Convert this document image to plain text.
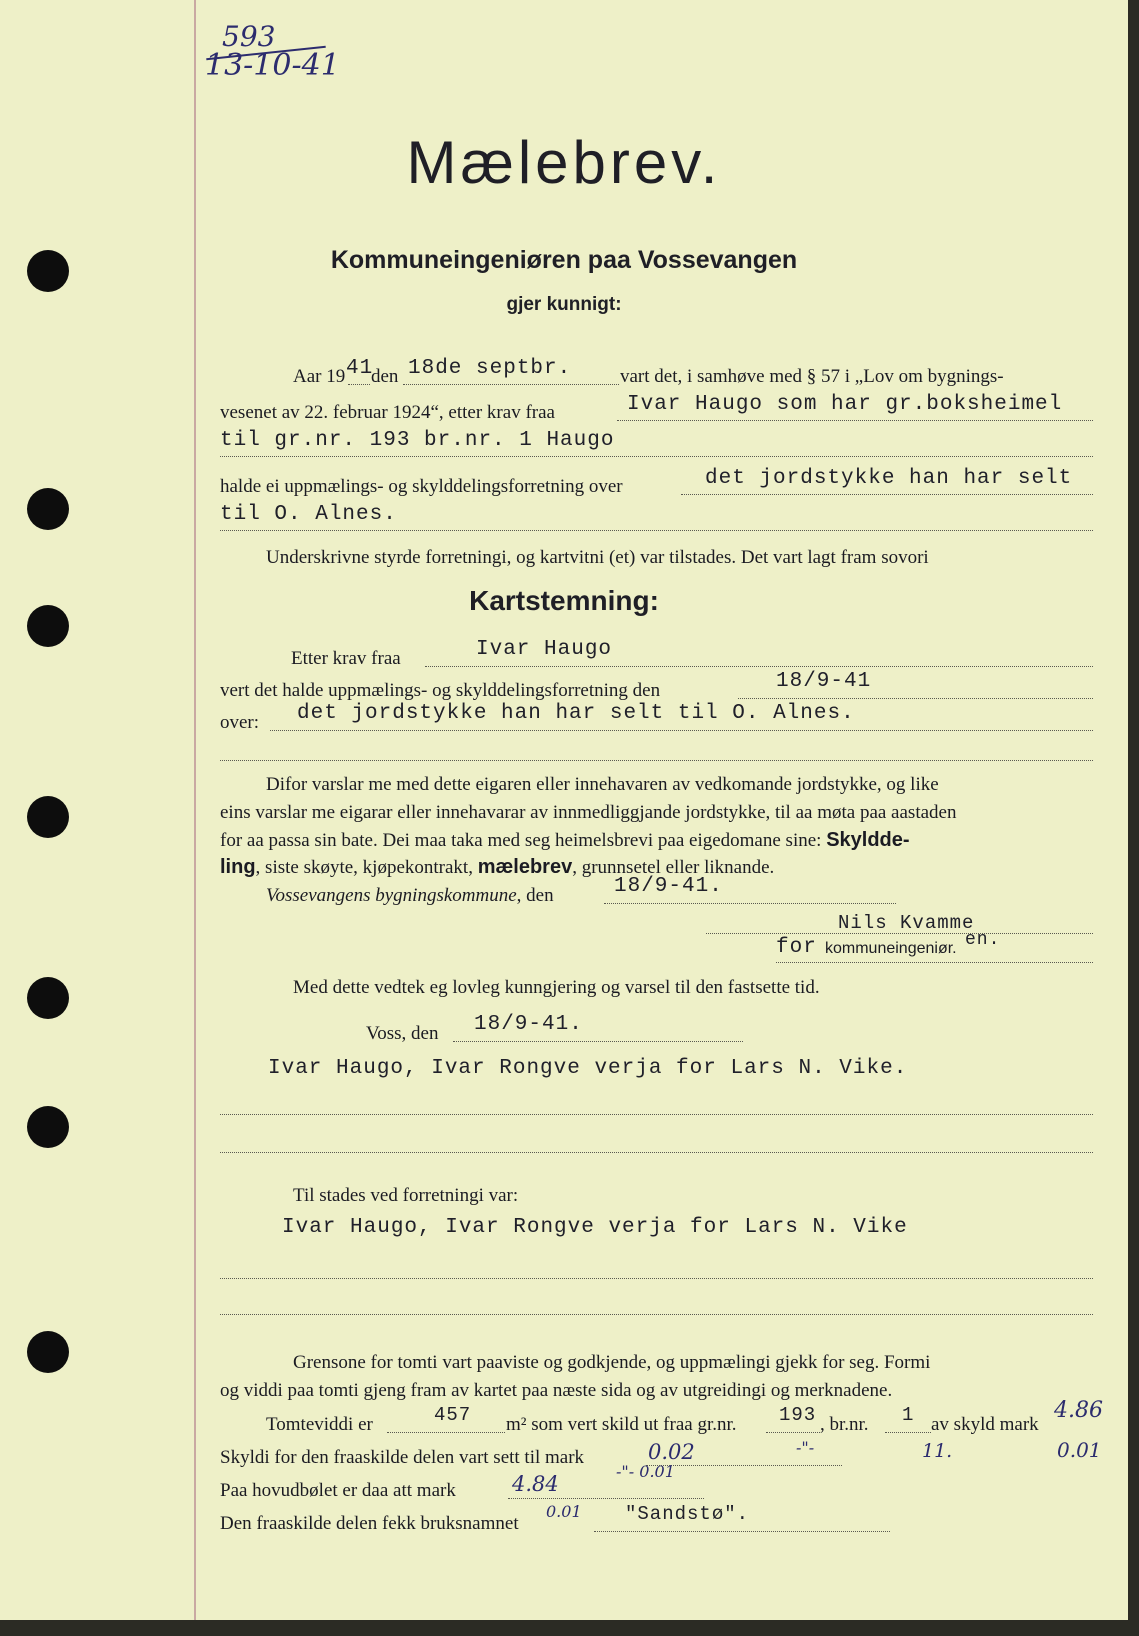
593
13-10-41
Mælebrev.
Kommuneingeniøren paa Vossevangen
gjer kunnigt:
Aar 19 41
den 18de septbr.	vart det, i samhøve med § 57 i „Lov om bygnings-
vesenet av 22. februar 1924“, etter krav fraa	Ivar Haugo som har gr.boksheimel
til gr.nr. 193 br.nr. 1 Haugo
halde ei uppmælings- og skylddelingsforretning over	det jordstykke han har selt
til O. Alnes.
Underskrivne styrde forretningi, og kartvitni (et) var tilstades. Det vart lagt fram sovori
Kartstemning:
Etter krav fraa	Ivar Haugo
vert det halde uppmælings- og skylddelingsforretning den	18/9-41
over: det jordstykke han har selt til O. Alnes.
Difor varslar me med dette eigaren eller innehavaren av vedkomande jordstykke, og like
eins varslar me eigarar eller innehavarar av innmedliggjande jordstykke, til aa møta paa aastaden
for aa passa sin bate. Dei maa taka med seg heimelsbrevi paa eigedomane sine: Skyldde-
ling, siste skøyte, kjøpekontrakt, mælebrev, grunnsetel eller liknande.
Vossevangens bygningskommune, den	18/9-41.
Nils Kvamme
for kommuneingeniør. en.
Med dette vedtek eg lovleg kunngjering og varsel til den fastsette tid.
Voss, den 18/9-41.
Ivar Haugo, Ivar Rongve verja for Lars N. Vike.
Til stades ved forretningi var:
Ivar Haugo, Ivar Rongve verja for Lars N. Vike
Grensone for tomti vart paaviste og godkjende, og uppmælingi gjekk for seg. Formi
og viddi paa tomti gjeng fram av kartet paa næste sida og av utgreidingi og merknadene.
Tomteviddi er	457 m² som vert skild ut fraa gr.nr. 193 , br.nr. 1 av skyld mark
4.86
Skyldi for den fraaskilde delen vart sett til mark	0.02	-"-	11.	0.01
Paa hovudbølet er daa att mark	4.84
-"- 0.01
0.01
Den fraaskilde delen fekk bruksnamnet	"Sandstø".
